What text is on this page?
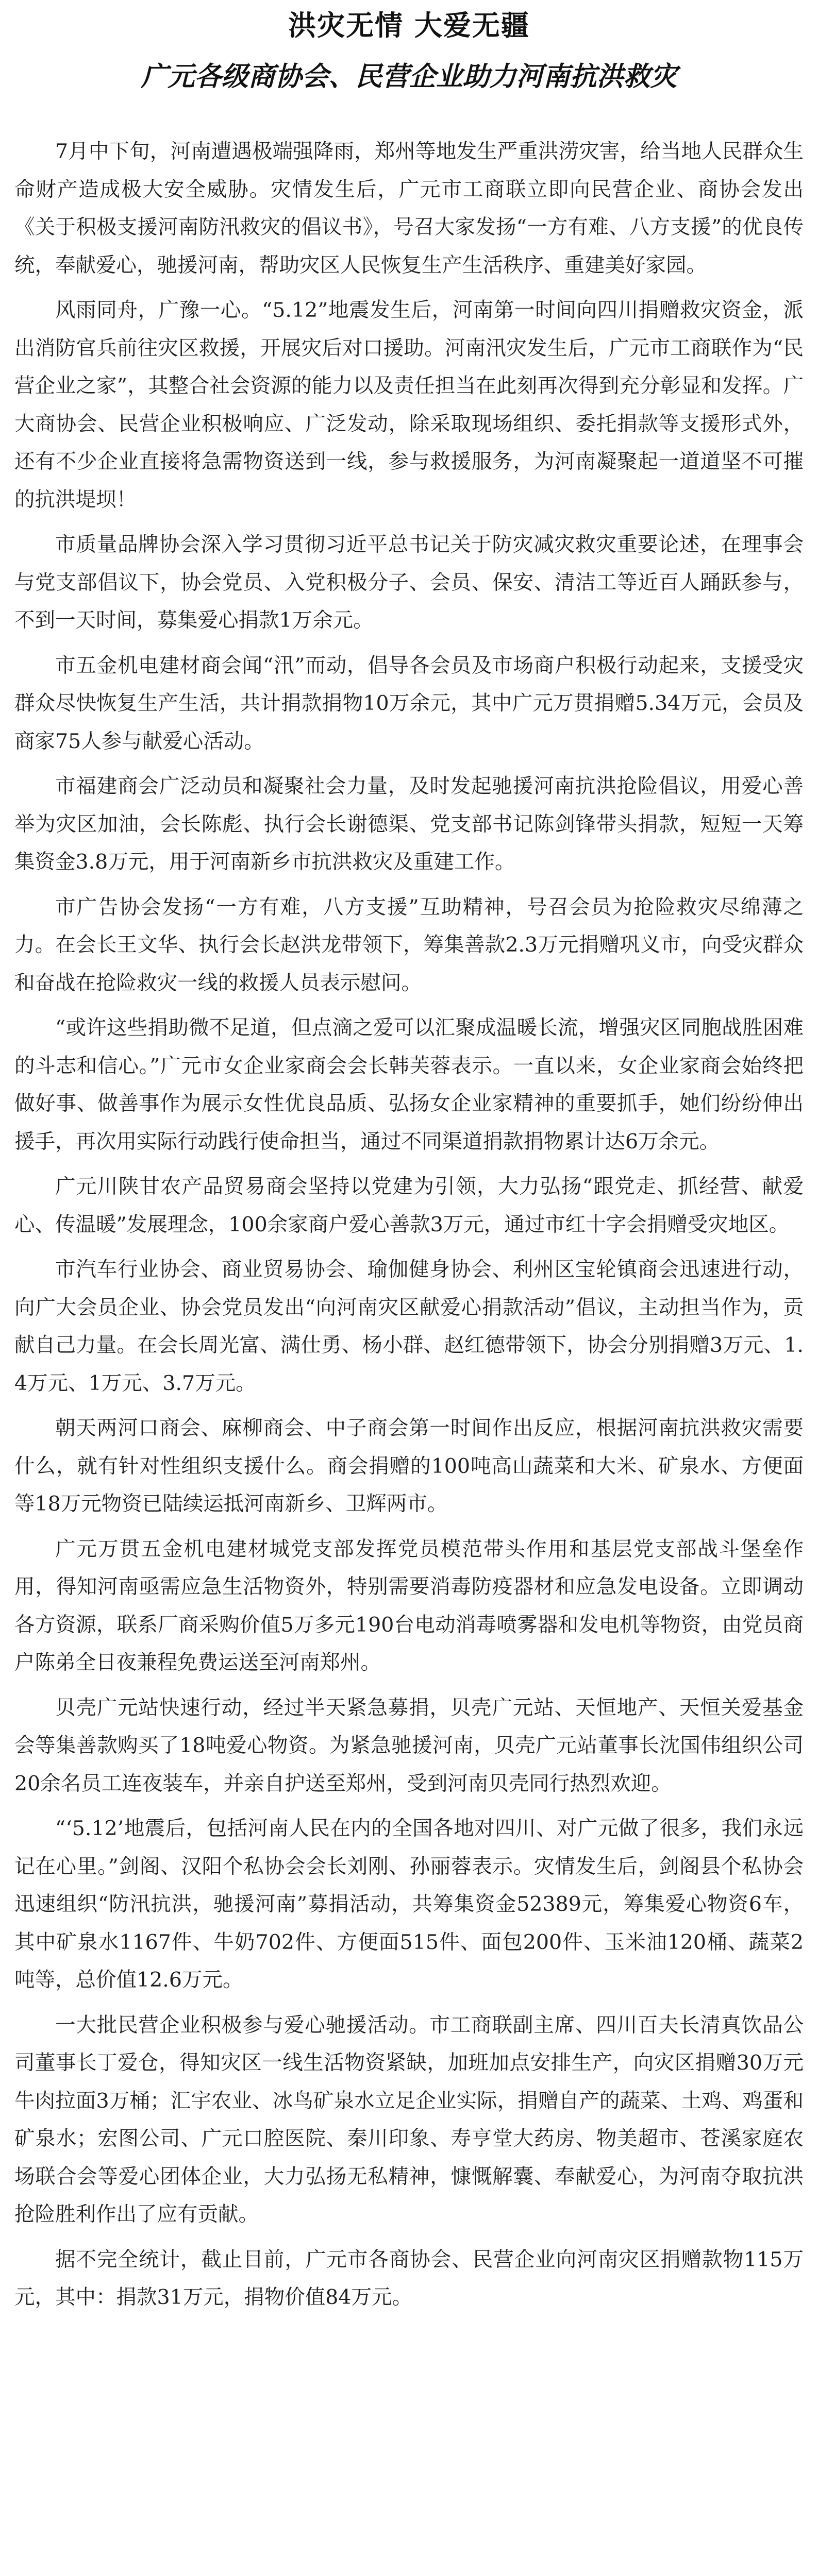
洪灾无情 大爱无疆
广元各级商协会、民营企业助力河南抗洪救灾

7月中下旬，河南遭遇极端强降雨，郑州等地发生严重洪涝灾害，给当地人民群众生命财产造成极大安全威胁。灾情发生后，广元市工商联立即向民营企业、商协会发出《关于积极支援河南防汛救灾的倡议书》，号召大家发扬“一方有难、八方支援”的优良传统，奉献爱心，驰援河南，帮助灾区人民恢复生产生活秩序、重建美好家园。

风雨同舟，广豫一心。“5.12”地震发生后，河南第一时间向四川捐赠救灾资金，派出消防官兵前往灾区救援，开展灾后对口援助。河南汛灾发生后，广元市工商联作为“民营企业之家”，其整合社会资源的能力以及责任担当在此刻再次得到充分彰显和发挥。广大商协会、民营企业积极响应、广泛发动，除采取现场组织、委托捐款等支援形式外，还有不少企业直接将急需物资送到一线，参与救援服务，为河南凝聚起一道道坚不可摧的抗洪堤坝！

市质量品牌协会深入学习贯彻习近平总书记关于防灾减灾救灾重要论述，在理事会与党支部倡议下，协会党员、入党积极分子、会员、保安、清洁工等近百人踊跃参与，不到一天时间，募集爱心捐款1万余元。

市五金机电建材商会闻“汛”而动，倡导各会员及市场商户积极行动起来，支援受灾群众尽快恢复生产生活，共计捐款捐物10万余元，其中广元万贯捐赠5.34万元，会员及商家75人参与献爱心活动。

市福建商会广泛动员和凝聚社会力量，及时发起驰援河南抗洪抢险倡议，用爱心善举为灾区加油，会长陈彪、执行会长谢德渠、党支部书记陈剑锋带头捐款，短短一天筹集资金3.8万元，用于河南新乡市抗洪救灾及重建工作。

市广告协会发扬“一方有难，八方支援”互助精神，号召会员为抢险救灾尽绵薄之力。在会长王文华、执行会长赵洪龙带领下，筹集善款2.3万元捐赠巩义市，向受灾群众和奋战在抢险救灾一线的救援人员表示慰问。

“或许这些捐助微不足道，但点滴之爱可以汇聚成温暖长流，增强灾区同胞战胜困难的斗志和信心。”广元市女企业家商会会长韩芙蓉表示。一直以来，女企业家商会始终把做好事、做善事作为展示女性优良品质、弘扬女企业家精神的重要抓手，她们纷纷伸出援手，再次用实际行动践行使命担当，通过不同渠道捐款捐物累计达6万余元。

广元川陕甘农产品贸易商会坚持以党建为引领，大力弘扬“跟党走、抓经营、献爱心、传温暖”发展理念，100余家商户爱心善款3万元，通过市红十字会捐赠受灾地区。

市汽车行业协会、商业贸易协会、瑜伽健身协会、利州区宝轮镇商会迅速进行动，向广大会员企业、协会党员发出“向河南灾区献爱心捐款活动”倡议，主动担当作为，贡献自己力量。在会长周光富、满仕勇、杨小群、赵红德带领下，协会分别捐赠3万元、1.4万元、1万元、3.7万元。

朝天两河口商会、麻柳商会、中子商会第一时间作出反应，根据河南抗洪救灾需要什么，就有针对性组织支援什么。商会捐赠的100吨高山蔬菜和大米、矿泉水、方便面等18万元物资已陆续运抵河南新乡、卫辉两市。

广元万贯五金机电建材城党支部发挥党员模范带头作用和基层党支部战斗堡垒作用，得知河南亟需应急生活物资外，特别需要消毒防疫器材和应急发电设备。立即调动各方资源，联系厂商采购价值5万多元190台电动消毒喷雾器和发电机等物资，由党员商户陈弟全日夜兼程免费运送至河南郑州。

贝壳广元站快速行动，经过半天紧急募捐，贝壳广元站、天恒地产、天恒关爱基金会等集善款购买了18吨爱心物资。为紧急驰援河南，贝壳广元站董事长沈国伟组织公司20余名员工连夜装车，并亲自护送至郑州，受到河南贝壳同行热烈欢迎。

“‘5.12’地震后，包括河南人民在内的全国各地对四川、对广元做了很多，我们永远记在心里。”剑阁、汉阳个私协会会长刘刚、孙丽蓉表示。灾情发生后，剑阁县个私协会迅速组织“防汛抗洪，驰援河南”募捐活动，共筹集资金52389元，筹集爱心物资6车，其中矿泉水1167件、牛奶702件、方便面515件、面包200件、玉米油120桶、蔬菜2吨等，总价值12.6万元。

一大批民营企业积极参与爱心驰援活动。市工商联副主席、四川百夫长清真饮品公司董事长丁爱仓，得知灾区一线生活物资紧缺，加班加点安排生产，向灾区捐赠30万元牛肉拉面3万桶；汇宇农业、冰鸟矿泉水立足企业实际，捐赠自产的蔬菜、土鸡、鸡蛋和矿泉水；宏图公司、广元口腔医院、秦川印象、寿亨堂大药房、物美超市、苍溪家庭农场联合会等爱心团体企业，大力弘扬无私精神，慷慨解囊、奉献爱心，为河南夺取抗洪抢险胜利作出了应有贡献。

据不完全统计，截止目前，广元市各商协会、民营企业向河南灾区捐赠款物115万元，其中：捐款31万元，捐物价值84万元。
